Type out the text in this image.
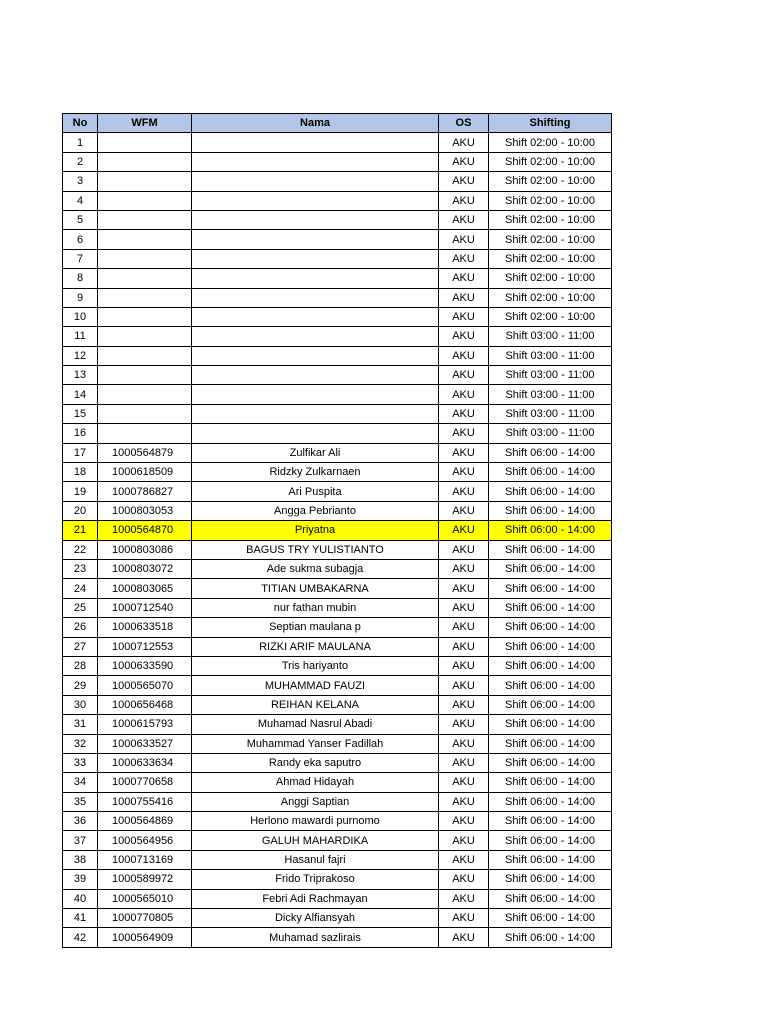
No	WFM	Nama	OS	Shifting
1			AKU	Shift 02:00 - 10:00
2			AKU	Shift 02:00 - 10:00
3			AKU	Shift 02:00 - 10:00
4			AKU	Shift 02:00 - 10:00
5			AKU	Shift 02:00 - 10:00
6			AKU	Shift 02:00 - 10:00
7			AKU	Shift 02:00 - 10:00
8			AKU	Shift 02:00 - 10:00
9			AKU	Shift 02:00 - 10:00
10			AKU	Shift 02:00 - 10:00
11			AKU	Shift 03:00 - 11:00
12			AKU	Shift 03:00 - 11:00
13			AKU	Shift 03:00 - 11:00
14			AKU	Shift 03:00 - 11:00
15			AKU	Shift 03:00 - 11:00
16			AKU	Shift 03:00 - 11:00
17	1000564879	Zulfikar Ali	AKU	Shift 06:00 - 14:00
18	1000618509	Ridzky Zulkarnaen	AKU	Shift 06:00 - 14:00
19	1000786827	Ari Puspita	AKU	Shift 06:00 - 14:00
20	1000803053	Angga Pebrianto	AKU	Shift 06:00 - 14:00
21	1000564870	Priyatna	AKU	Shift 06:00 - 14:00
22	1000803086	BAGUS TRY YULISTIANTO	AKU	Shift 06:00 - 14:00
23	1000803072	Ade sukma subagja	AKU	Shift 06:00 - 14:00
24	1000803065	TITIAN UMBAKARNA	AKU	Shift 06:00 - 14:00
25	1000712540	nur fathan mubin	AKU	Shift 06:00 - 14:00
26	1000633518	Septian maulana p	AKU	Shift 06:00 - 14:00
27	1000712553	RIZKI ARIF MAULANA	AKU	Shift 06:00 - 14:00
28	1000633590	Tris hariyanto	AKU	Shift 06:00 - 14:00
29	1000565070	MUHAMMAD FAUZI	AKU	Shift 06:00 - 14:00
30	1000656468	REIHAN KELANA	AKU	Shift 06:00 - 14:00
31	1000615793	Muhamad Nasrul Abadi	AKU	Shift 06:00 - 14:00
32	1000633527	Muhammad Yanser Fadillah	AKU	Shift 06:00 - 14:00
33	1000633634	Randy eka saputro	AKU	Shift 06:00 - 14:00
34	1000770658	Ahmad Hidayah	AKU	Shift 06:00 - 14:00
35	1000755416	Anggi Saptian	AKU	Shift 06:00 - 14:00
36	1000564869	Herlono mawardi purnomo	AKU	Shift 06:00 - 14:00
37	1000564956	GALUH MAHARDIKA	AKU	Shift 06:00 - 14:00
38	1000713169	Hasanul fajri	AKU	Shift 06:00 - 14:00
39	1000589972	Frido Triprakoso	AKU	Shift 06:00 - 14:00
40	1000565010	Febri Adi Rachmayan	AKU	Shift 06:00 - 14:00
41	1000770805	Dicky Alfiansyah	AKU	Shift 06:00 - 14:00
42	1000564909	Muhamad sazlirais	AKU	Shift 06:00 - 14:00
